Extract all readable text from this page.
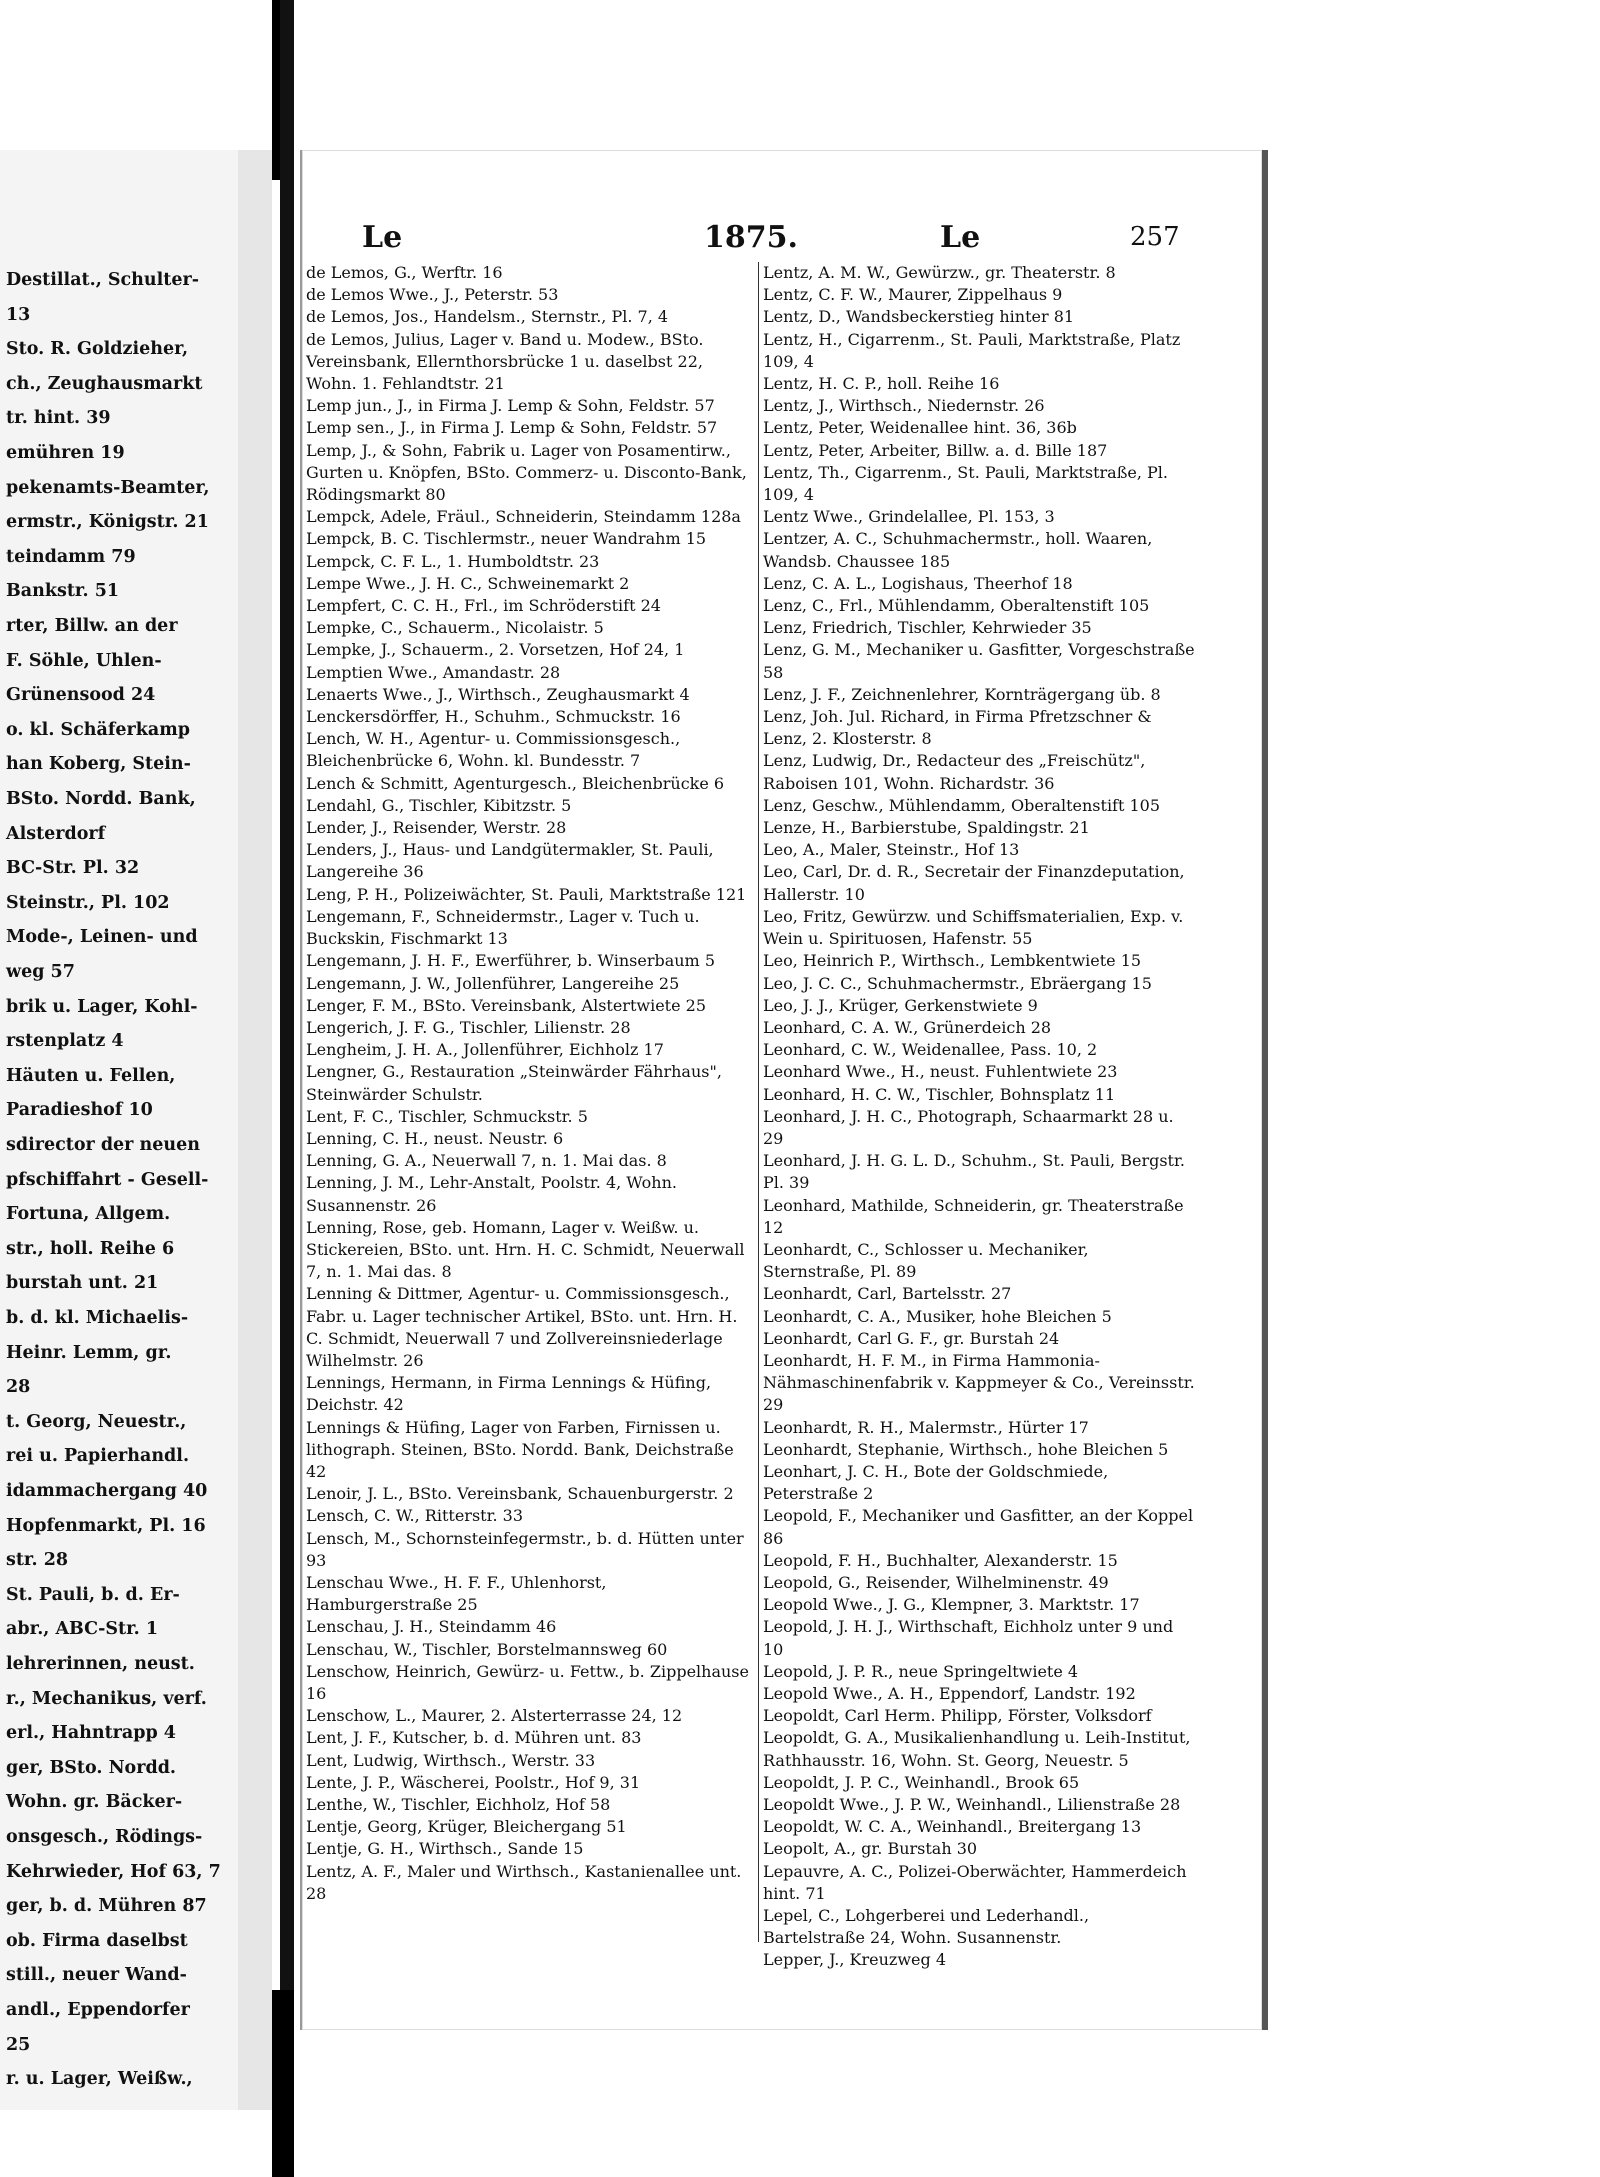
Destillat., Schulter-
13
Sto. R. Goldzieher,
ch., Zeughausmarkt
tr. hint. 39
emühren 19
pekenamts-Beamter,
ermstr., Königstr. 21
teindamm 79
Bankstr. 51
rter, Billw. an der
F. Söhle, Uhlen-
Grünensood 24
o. kl. Schäferkamp
han Koberg, Stein-
BSto. Nordd. Bank,
Alsterdorf
BC-Str. Pl. 32
Steinstr., Pl. 102
Mode-, Leinen- und
weg 57
brik u. Lager, Kohl-
rstenplatz 4
Häuten u. Fellen,
Paradieshof 10
sdirector der neuen
pfschiffahrt - Gesell-
Fortuna, Allgem.
str., holl. Reihe 6
burstah unt. 21
b. d. kl. Michaelis-
Heinr. Lemm, gr.
28
t. Georg, Neuestr.,
rei u. Papierhandl.
idammachergang 40
Hopfenmarkt, Pl. 16
str. 28
St. Pauli, b. d. Er-
abr., ABC-Str. 1
lehrerinnen, neust.
r., Mechanikus, verf.
erl., Hahntrapp 4
ger, BSto. Nordd.
Wohn. gr. Bäcker-
onsgesch., Rödings-
Kehrwieder, Hof 63, 7
ger, b. d. Mühren 87
ob. Firma daselbst
still., neuer Wand-
andl., Eppendorfer
25
r. u. Lager, Weißw.,
Le	1875.	Le	257

de Lemos, G., Werftr. 16

de Lemos Wwe., J., Peterstr. 53

de Lemos, Jos., Handelsm., Sternstr., Pl. 7, 4

de Lemos, Julius, Lager v. Band u. Modew., BSto. Vereinsbank, Ellernthorsbrücke 1 u. daselbst 22, Wohn. 1. Fehlandtstr. 21

Lemp jun., J., in Firma J. Lemp & Sohn, Feldstr. 57

Lemp sen., J., in Firma J. Lemp & Sohn, Feldstr. 57

Lemp, J., & Sohn, Fabrik u. Lager von Posamentirw., Gurten u. Knöpfen, BSto. Commerz- u. Disconto-Bank, Rödingsmarkt 80

Lempck, Adele, Fräul., Schneiderin, Steindamm 128a

Lempck, B. C. Tischlermstr., neuer Wandrahm 15

Lempck, C. F. L., 1. Humboldtstr. 23

Lempe Wwe., J. H. C., Schweinemarkt 2

Lempfert, C. C. H., Frl., im Schröderstift 24

Lempke, C., Schauerm., Nicolaistr. 5

Lempke, J., Schauerm., 2. Vorsetzen, Hof 24, 1

Lemptien Wwe., Amandastr. 28

Lenaerts Wwe., J., Wirthsch., Zeughausmarkt 4

Lenckersdörffer, H., Schuhm., Schmuckstr. 16

Lench, W. H., Agentur- u. Commissionsgesch., Bleichenbrücke 6, Wohn. kl. Bundesstr. 7

Lench & Schmitt, Agenturgesch., Bleichenbrücke 6

Lendahl, G., Tischler, Kibitzstr. 5

Lender, J., Reisender, Werstr. 28

Lenders, J., Haus- und Landgütermakler, St. Pauli, Langereihe 36

Leng, P. H., Polizeiwächter, St. Pauli, Marktstraße 121

Lengemann, F., Schneidermstr., Lager v. Tuch u. Buckskin, Fischmarkt 13

Lengemann, J. H. F., Ewerführer, b. Winserbaum 5

Lengemann, J. W., Jollenführer, Langereihe 25

Lenger, F. M., BSto. Vereinsbank, Alstertwiete 25

Lengerich, J. F. G., Tischler, Lilienstr. 28

Lengheim, J. H. A., Jollenführer, Eichholz 17

Lengner, G., Restauration „Steinwärder Fährhaus", Steinwärder Schulstr.

Lent, F. C., Tischler, Schmuckstr. 5

Lenning, C. H., neust. Neustr. 6

Lenning, G. A., Neuerwall 7, n. 1. Mai das. 8

Lenning, J. M., Lehr-Anstalt, Poolstr. 4, Wohn. Susannenstr. 26

Lenning, Rose, geb. Homann, Lager v. Weißw. u. Stickereien, BSto. unt. Hrn. H. C. Schmidt, Neuerwall 7, n. 1. Mai das. 8

Lenning & Dittmer, Agentur- u. Commissionsgesch., Fabr. u. Lager technischer Artikel, BSto. unt. Hrn. H. C. Schmidt, Neuerwall 7 und Zollvereinsniederlage Wilhelmstr. 26

Lennings, Hermann, in Firma Lennings & Hüfing, Deichstr. 42

Lennings & Hüfing, Lager von Farben, Firnissen u. lithograph. Steinen, BSto. Nordd. Bank, Deichstraße 42

Lenoir, J. L., BSto. Vereinsbank, Schauenburgerstr. 2

Lensch, C. W., Ritterstr. 33

Lensch, M., Schornsteinfegermstr., b. d. Hütten unter 93

Lenschau Wwe., H. F. F., Uhlenhorst, Hamburgerstraße 25

Lenschau, J. H., Steindamm 46

Lenschau, W., Tischler, Borstelmannsweg 60

Lenschow, Heinrich, Gewürz- u. Fettw., b. Zippelhause 16

Lenschow, L., Maurer, 2. Alsterterrasse 24, 12

Lent, J. F., Kutscher, b. d. Mühren unt. 83

Lent, Ludwig, Wirthsch., Werstr. 33

Lente, J. P., Wäscherei, Poolstr., Hof 9, 31

Lenthe, W., Tischler, Eichholz, Hof 58

Lentje, Georg, Krüger, Bleichergang 51

Lentje, G. H., Wirthsch., Sande 15

Lentz, A. F., Maler und Wirthsch., Kastanienallee unt. 28

Lentz, A. M. W., Gewürzw., gr. Theaterstr. 8

Lentz, C. F. W., Maurer, Zippelhaus 9

Lentz, D., Wandsbeckerstieg hinter 81

Lentz, H., Cigarrenm., St. Pauli, Marktstraße, Platz 109, 4

Lentz, H. C. P., holl. Reihe 16

Lentz, J., Wirthsch., Niedernstr. 26

Lentz, Peter, Weidenallee hint. 36, 36b

Lentz, Peter, Arbeiter, Billw. a. d. Bille 187

Lentz, Th., Cigarrenm., St. Pauli, Marktstraße, Pl. 109, 4

Lentz Wwe., Grindelallee, Pl. 153, 3

Lentzer, A. C., Schuhmachermstr., holl. Waaren, Wandsb. Chaussee 185

Lenz, C. A. L., Logishaus, Theerhof 18

Lenz, C., Frl., Mühlendamm, Oberaltenstift 105

Lenz, Friedrich, Tischler, Kehrwieder 35

Lenz, G. M., Mechaniker u. Gasfitter, Vorgeschstraße 58

Lenz, J. F., Zeichnenlehrer, Kornträgergang üb. 8

Lenz, Joh. Jul. Richard, in Firma Pfretzschner & Lenz, 2. Klosterstr. 8

Lenz, Ludwig, Dr., Redacteur des „Freischütz", Raboisen 101, Wohn. Richardstr. 36

Lenz, Geschw., Mühlendamm, Oberaltenstift 105

Lenze, H., Barbierstube, Spaldingstr. 21

Leo, A., Maler, Steinstr., Hof 13

Leo, Carl, Dr. d. R., Secretair der Finanzdeputation, Hallerstr. 10

Leo, Fritz, Gewürzw. und Schiffsmaterialien, Exp. v. Wein u. Spirituosen, Hafenstr. 55

Leo, Heinrich P., Wirthsch., Lembkentwiete 15

Leo, J. C. C., Schuhmachermstr., Ebräergang 15

Leo, J. J., Krüger, Gerkenstwiete 9

Leonhard, C. A. W., Grünerdeich 28

Leonhard, C. W., Weidenallee, Pass. 10, 2

Leonhard Wwe., H., neust. Fuhlentwiete 23

Leonhard, H. C. W., Tischler, Bohnsplatz 11

Leonhard, J. H. C., Photograph, Schaarmarkt 28 u. 29

Leonhard, J. H. G. L. D., Schuhm., St. Pauli, Bergstr. Pl. 39

Leonhard, Mathilde, Schneiderin, gr. Theaterstraße 12

Leonhardt, C., Schlosser u. Mechaniker, Sternstraße, Pl. 89

Leonhardt, Carl, Bartelsstr. 27

Leonhardt, C. A., Musiker, hohe Bleichen 5

Leonhardt, Carl G. F., gr. Burstah 24

Leonhardt, H. F. M., in Firma Hammonia-Nähmaschinenfabrik v. Kappmeyer & Co., Vereinsstr. 29

Leonhardt, R. H., Malermstr., Hürter 17

Leonhardt, Stephanie, Wirthsch., hohe Bleichen 5

Leonhart, J. C. H., Bote der Goldschmiede, Peterstraße 2

Leopold, F., Mechaniker und Gasfitter, an der Koppel 86

Leopold, F. H., Buchhalter, Alexanderstr. 15

Leopold, G., Reisender, Wilhelminenstr. 49

Leopold Wwe., J. G., Klempner, 3. Marktstr. 17

Leopold, J. H. J., Wirthschaft, Eichholz unter 9 und 10

Leopold, J. P. R., neue Springeltwiete 4

Leopold Wwe., A. H., Eppendorf, Landstr. 192

Leopoldt, Carl Herm. Philipp, Förster, Volksdorf

Leopoldt, G. A., Musikalienhandlung u. Leih-Institut, Rathhausstr. 16, Wohn. St. Georg, Neuestr. 5

Leopoldt, J. P. C., Weinhandl., Brook 65

Leopoldt Wwe., J. P. W., Weinhandl., Lilienstraße 28

Leopoldt, W. C. A., Weinhandl., Breitergang 13

Leopolt, A., gr. Burstah 30

Lepauvre, A. C., Polizei-Oberwächter, Hammerdeich hint. 71

Lepel, C., Lohgerberei und Lederhandl., Bartelstraße 24, Wohn. Susannenstr.

Lepper, J., Kreuzweg 4
